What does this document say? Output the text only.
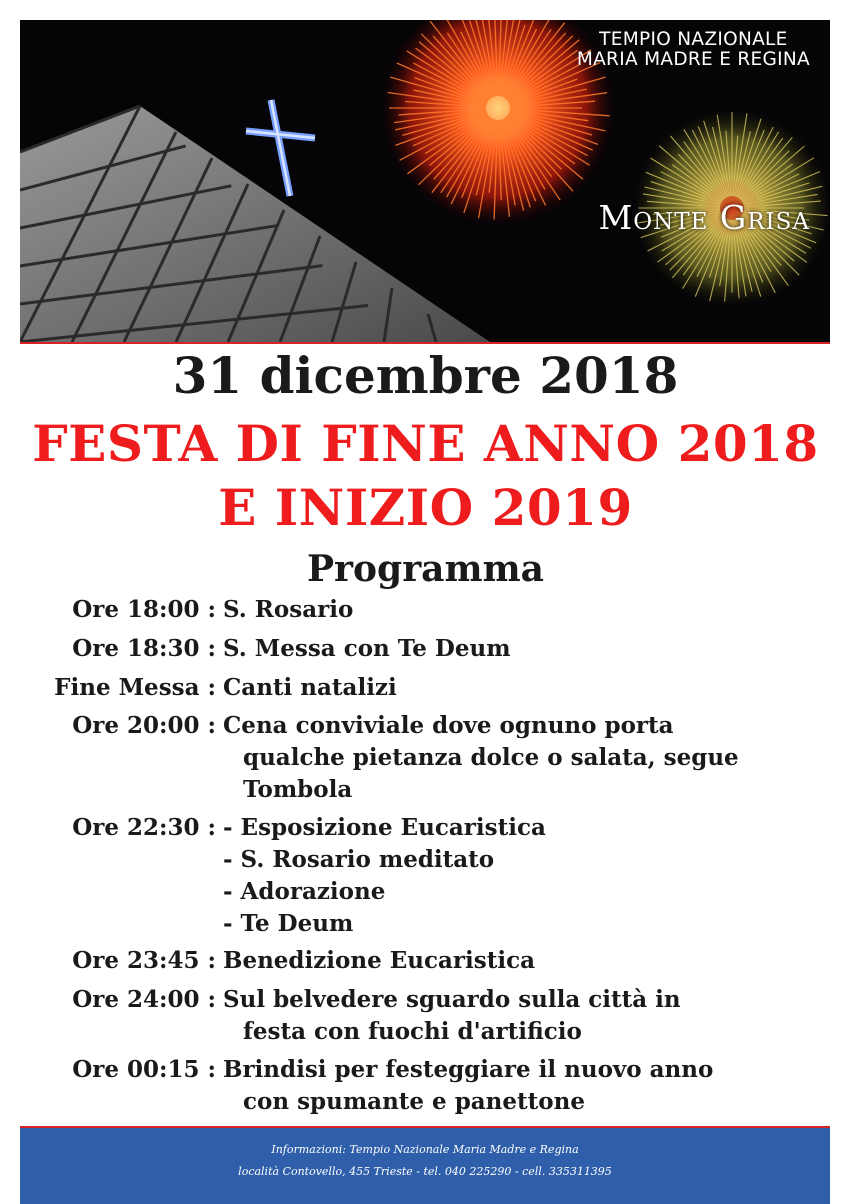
TEMPIO NAZIONALE
MARIA MADRE E REGINA
Monte Grisa
31 dicembre 2018
FESTA DI FINE ANNO 2018
E INIZIO 2019
Programma
Ore 18:00 : S. Rosario
Ore 18:30 : S. Messa con Te Deum
Fine Messa : Canti natalizi
Ore 20:00 : Cena conviviale dove ognuno porta
qualche pietanza dolce o salata, segue
Tombola
Ore 22:30 : - Esposizione Eucaristica
- S. Rosario meditato
- Adorazione
- Te Deum
Ore 23:45 : Benedizione Eucaristica
Ore 24:00 : Sul belvedere sguardo sulla città in
festa con fuochi d'artificio
Ore 00:15 : Brindisi per festeggiare il nuovo anno
con spumante e panettone
Informazioni: Tempio Nazionale Maria Madre e Regina
località Contovello, 455 Trieste - tel. 040 225290 - cell. 335311395
